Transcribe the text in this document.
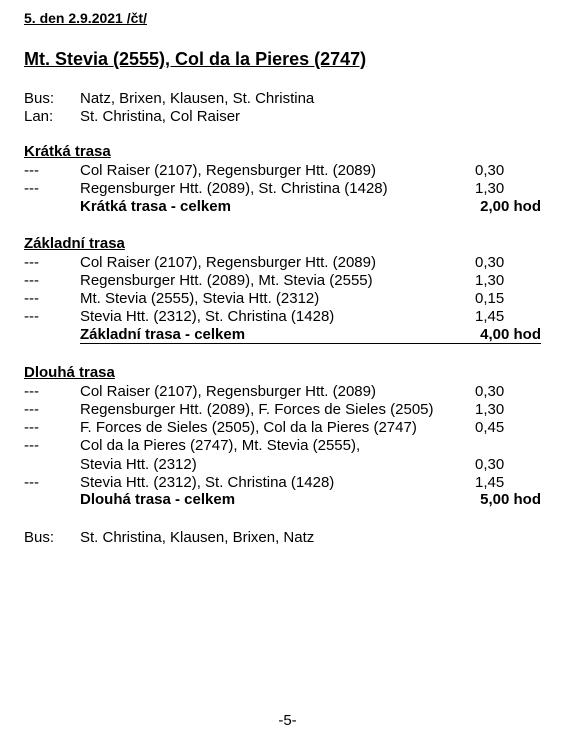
5. den 2.9.2021 /čt/
Mt. Stevia (2555), Col da la Pieres (2747)
Bus: Natz, Brixen, Klausen, St. Christina
Lan: St. Christina, Col Raiser
Krátká trasa
---	Col Raiser (2107), Regensburger Htt. (2089)	0,30
---	Regensburger Htt. (2089), St. Christina (1428)	1,30
Krátká trasa - celkem	2,00 hod
Základní trasa
---	Col Raiser (2107), Regensburger Htt. (2089)	0,30
---	Regensburger Htt. (2089), Mt. Stevia (2555)	1,30
---	Mt. Stevia (2555), Stevia Htt. (2312)	0,15
---	Stevia Htt. (2312), St. Christina (1428)	1,45
Základní trasa - celkem	4,00 hod
Dlouhá trasa
---	Col Raiser (2107), Regensburger Htt. (2089)	0,30
---	Regensburger Htt. (2089), F. Forces de Sieles (2505)	1,30
---	F. Forces de Sieles (2505), Col da la Pieres (2747)	0,45
---	Col da la Pieres (2747), Mt. Stevia (2555),
Stevia Htt. (2312)	0,30
---	Stevia Htt. (2312), St. Christina (1428)	1,45
Dlouhá trasa - celkem	5,00 hod
Bus: St. Christina, Klausen, Brixen, Natz
-5-
